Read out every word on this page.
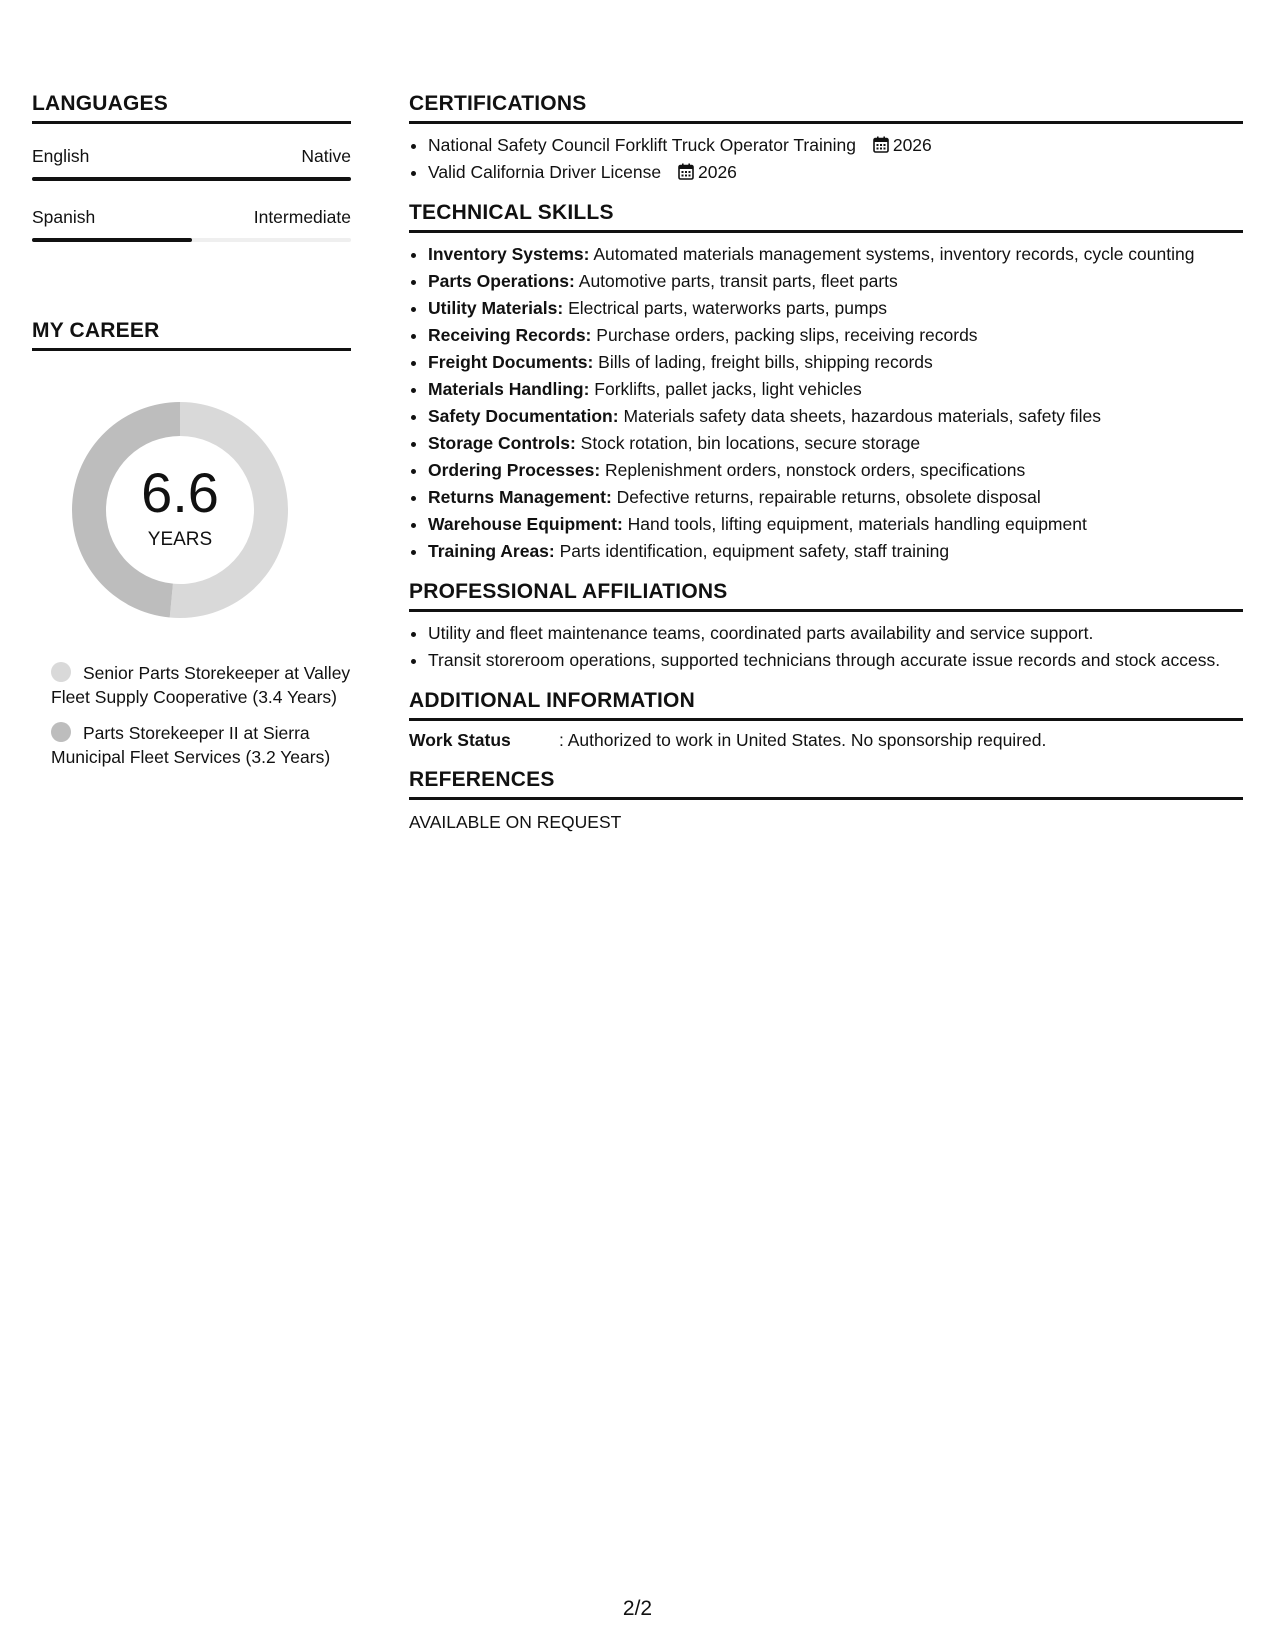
LANGUAGES
English	Native
Spanish	Intermediate
MY CAREER
6.6
YEARS
Senior Parts Storekeeper at Valley Fleet Supply Cooperative (3.4 Years)
Parts Storekeeper II at Sierra Municipal Fleet Services (3.2 Years)
CERTIFICATIONS
• National Safety Council Forklift Truck Operator Training 2026
• Valid California Driver License 2026
TECHNICAL SKILLS
• Inventory Systems: Automated materials management systems, inventory records, cycle counting
• Parts Operations: Automotive parts, transit parts, fleet parts
• Utility Materials: Electrical parts, waterworks parts, pumps
• Receiving Records: Purchase orders, packing slips, receiving records
• Freight Documents: Bills of lading, freight bills, shipping records
• Materials Handling: Forklifts, pallet jacks, light vehicles
• Safety Documentation: Materials safety data sheets, hazardous materials, safety files
• Storage Controls: Stock rotation, bin locations, secure storage
• Ordering Processes: Replenishment orders, nonstock orders, specifications
• Returns Management: Defective returns, repairable returns, obsolete disposal
• Warehouse Equipment: Hand tools, lifting equipment, materials handling equipment
• Training Areas: Parts identification, equipment safety, staff training
PROFESSIONAL AFFILIATIONS
• Utility and fleet maintenance teams, coordinated parts availability and service support.
• Transit storeroom operations, supported technicians through accurate issue records and stock access.
ADDITIONAL INFORMATION
Work Status	: Authorized to work in United States. No sponsorship required.
REFERENCES
AVAILABLE ON REQUEST
2/2
